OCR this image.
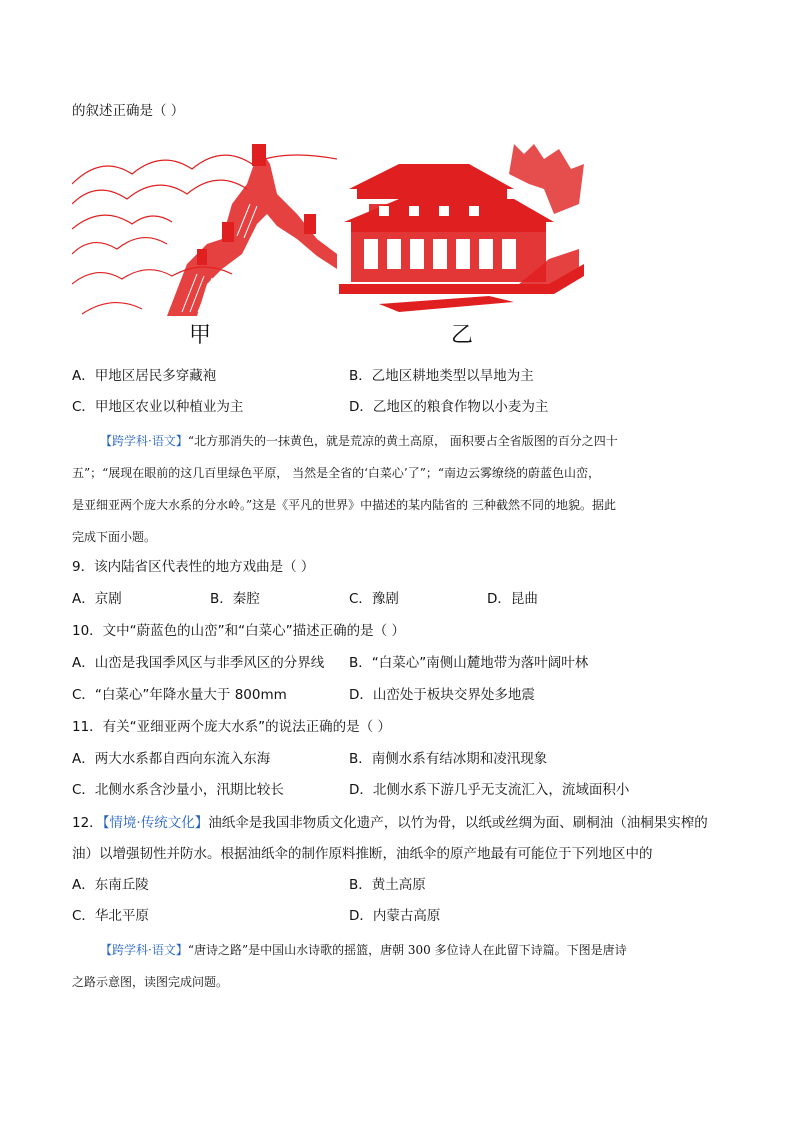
的叙述正确是（ ）
甲	乙
A．甲地区居民多穿藏袍	B．乙地区耕地类型以旱地为主
C．甲地区农业以种植业为主	D．乙地区的粮食作物以小麦为主
【跨学科·语文】“北方那消失的一抹黄色，就是荒凉的黄土高原， 面积要占全省版图的百分之四十
五”；“展现在眼前的这几百里绿色平原， 当然是全省的‘白菜心’了”；“南边云雾缭绕的蔚蓝色山峦，
是亚细亚两个庞大水系的分水岭。”这是《平凡的世界》中描述的某内陆省的 三种截然不同的地貌。据此
完成下面小题。
9．该内陆省区代表性的地方戏曲是（ ）
A．京剧	B．秦腔	C．豫剧	D．昆曲
10．文中“蔚蓝色的山峦”和“白菜心”描述正确的是（ ）
A．山峦是我国季风区与非季风区的分界线 B．“白菜心”南侧山麓地带为落叶阔叶林
C．“白菜心”年降水量大于 800mm	D．山峦处于板块交界处多地震
11．有关“亚细亚两个庞大水系”的说法正确的是（ ）
A．两大水系都自西向东流入东海	B．南侧水系有结冰期和凌汛现象
C．北侧水系含沙量小，汛期比较长	D．北侧水系下游几乎无支流汇入，流域面积小
12．【情境·传统文化】油纸伞是我国非物质文化遗产，以竹为骨，以纸或丝绸为面、刷桐油（油桐果实榨的
油）以增强韧性并防水。根据油纸伞的制作原料推断，油纸伞的原产地最有可能位于下列地区中的
A．东南丘陵	B．黄土高原
C．华北平原	D．内蒙古高原
【跨学科·语文】“唐诗之路”是中国山水诗歌的摇篮，唐朝 300 多位诗人在此留下诗篇。下图是唐诗
之路示意图，读图完成问题。
